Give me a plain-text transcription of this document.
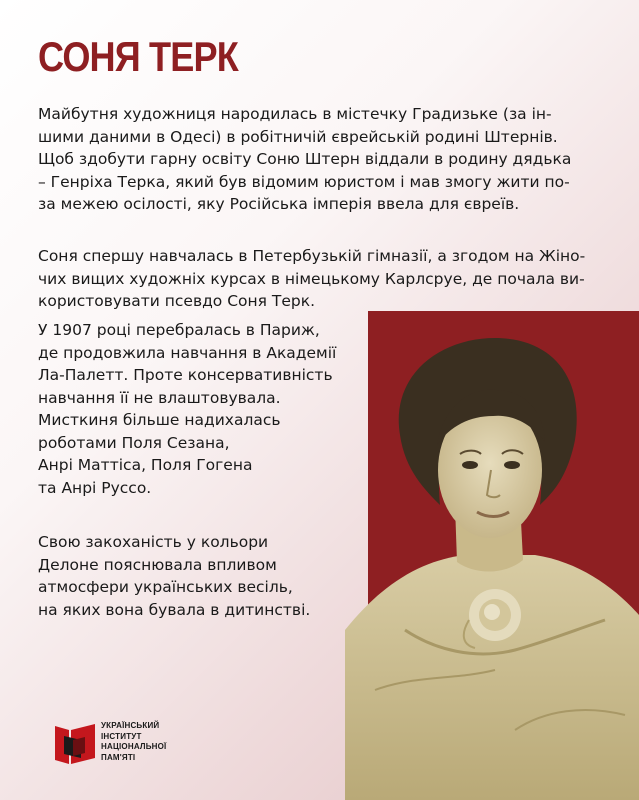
СОНЯ ТЕРК

Майбутня художниця народилась в містечку Градизьке (за ін-
шими даними в Одесі) в робітничій єврейській родині Штернів.
Щоб здобути гарну освіту Соню Штерн віддали в родину дядька
– Генріха Терка, який був відомим юристом і мав змогу жити по-
за межею осілості, яку Російська імперія ввела для євреїв.

Соня спершу навчалась в Петербузькій гімназії, а згодом на Жіно-
чих вищих художніх курсах в німецькому Карлсруе, де почала ви-
користовувати псевдо Соня Терк.

У 1907 році перебралась в Париж,
де продовжила навчання в Академії
Ла-Палетт. Проте консервативність
навчання її не влаштовувала.
Мисткиня більше надихалась
роботами Поля Сезана,
Анрі Маттіса, Поля Гогена
та Анрі Руссо.

Свою закоханість у кольори
Делоне пояснювала впливом
атмосфери українських весіль,
на яких вона бувала в дитинстві.

УКРАЇНСЬКИЙ
ІНСТИТУТ
НАЦІОНАЛЬНОЇ
ПАМ'ЯТІ
